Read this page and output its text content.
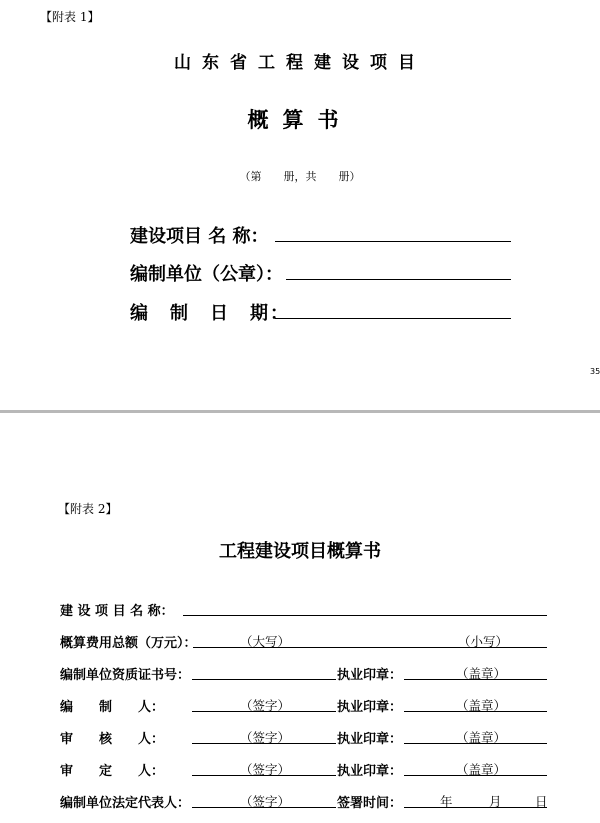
【附表 1】
山东省工程建设项目
概算书
（第　　册，共　　册）
建设项目 名 称：
编制单位（公章）：
编　制　日　期：
35
【附表 2】
工程建设项目概算书
建 设 项 目 名 称：
概算费用总额（万元）：	（大写）	（小写）
编制单位资质证书号：	执业印章：	（盖章）
编　　制　　人：	（签字）	执业印章：	（盖章）
审　　核　　人：	（签字）	执业印章：	（盖章）
审　　定　　人：	（签字）	执业印章：	（盖章）
编制单位法定代表人：	（签字）	签署时间：	年	月	日
